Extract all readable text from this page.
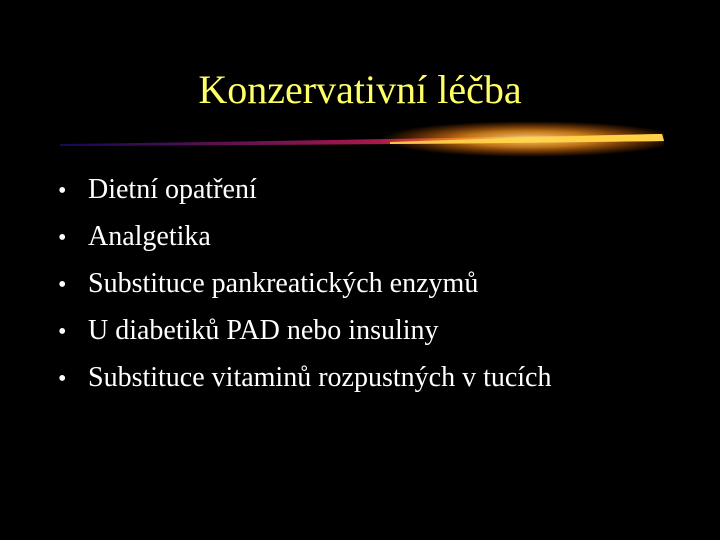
Konzervativní léčba
• Dietní opatření
• Analgetika
• Substituce pankreatických enzymů
• U diabetiků PAD nebo insuliny
• Substituce vitaminů rozpustných v tucích
